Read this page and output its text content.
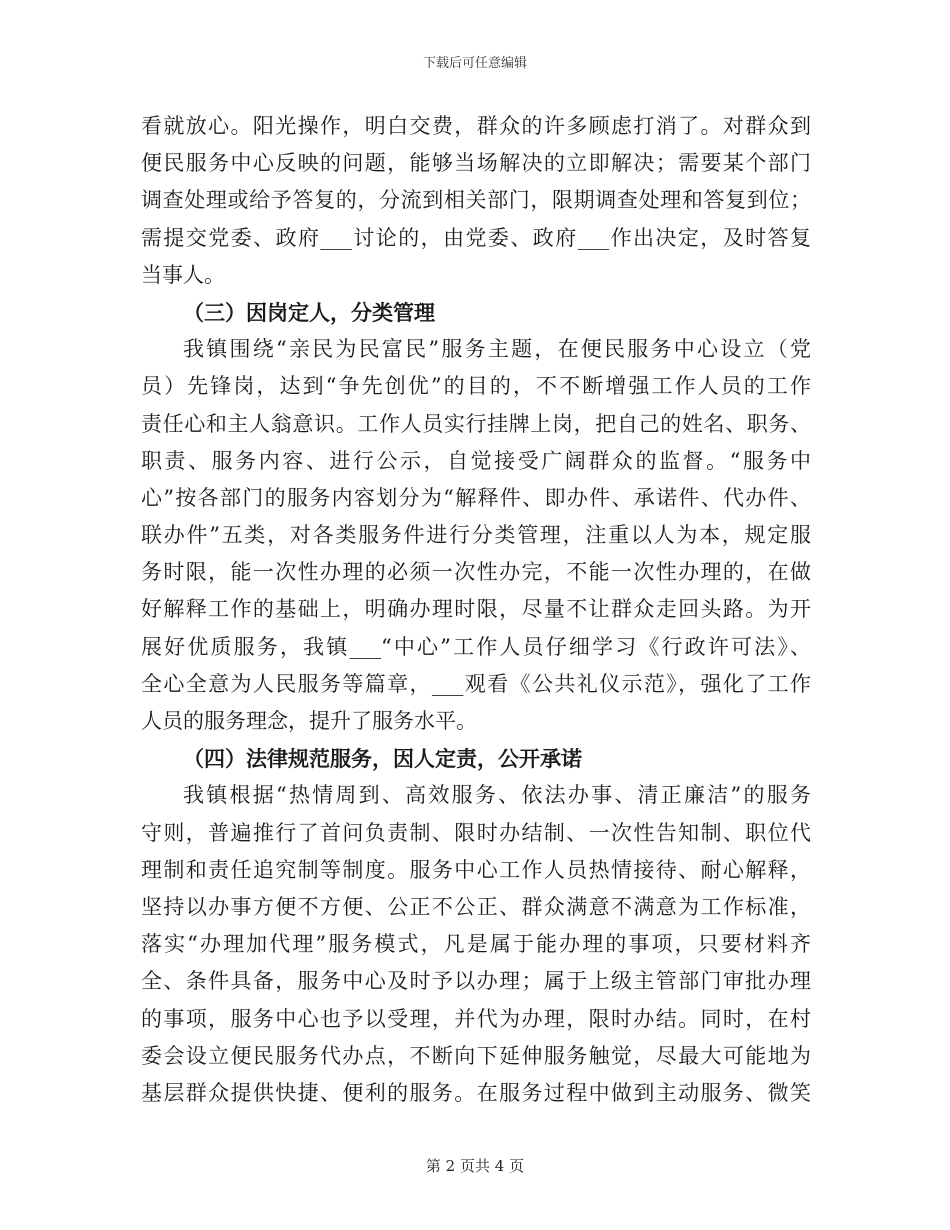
下载后可任意编辑
看就放心。阳光操作，明白交费，群众的许多顾虑打消了。对群众到
便民服务中心反映的问题，能够当场解决的立即解决；需要某个部门
调查处理或给予答复的，分流到相关部门，限期调查处理和答复到位；
需提交党委、政府___讨论的，由党委、政府___作出决定，及时答复
当事人。
（三）因岗定人，分类管理
我镇围绕“亲民为民富民”服务主题，在便民服务中心设立（党
员）先锋岗，达到“争先创优”的目的，不不断增强工作人员的工作
责任心和主人翁意识。工作人员实行挂牌上岗，把自己的姓名、职务、
职责、服务内容、进行公示，自觉接受广阔群众的监督。“服务中
心”按各部门的服务内容划分为“解释件、即办件、承诺件、代办件、
联办件”五类，对各类服务件进行分类管理，注重以人为本，规定服
务时限，能一次性办理的必须一次性办完，不能一次性办理的，在做
好解释工作的基础上，明确办理时限，尽量不让群众走回头路。为开
展好优质服务，我镇___“中心”工作人员仔细学习《行政许可法》、
全心全意为人民服务等篇章，___观看《公共礼仪示范》，强化了工作
人员的服务理念，提升了服务水平。
（四）法律规范服务，因人定责，公开承诺
我镇根据“热情周到、高效服务、依法办事、清正廉洁”的服务
守则，普遍推行了首问负责制、限时办结制、一次性告知制、职位代
理制和责任追究制等制度。服务中心工作人员热情接待、耐心解释，
坚持以办事方便不方便、公正不公正、群众满意不满意为工作标准，
落实“办理加代理”服务模式，凡是属于能办理的事项，只要材料齐
全、条件具备，服务中心及时予以办理；属于上级主管部门审批办理
的事项，服务中心也予以受理，并代为办理，限时办结。同时，在村
委会设立便民服务代办点，不断向下延伸服务触觉，尽最大可能地为
基层群众提供快捷、便利的服务。在服务过程中做到主动服务、微笑
第 2 页共 4 页
